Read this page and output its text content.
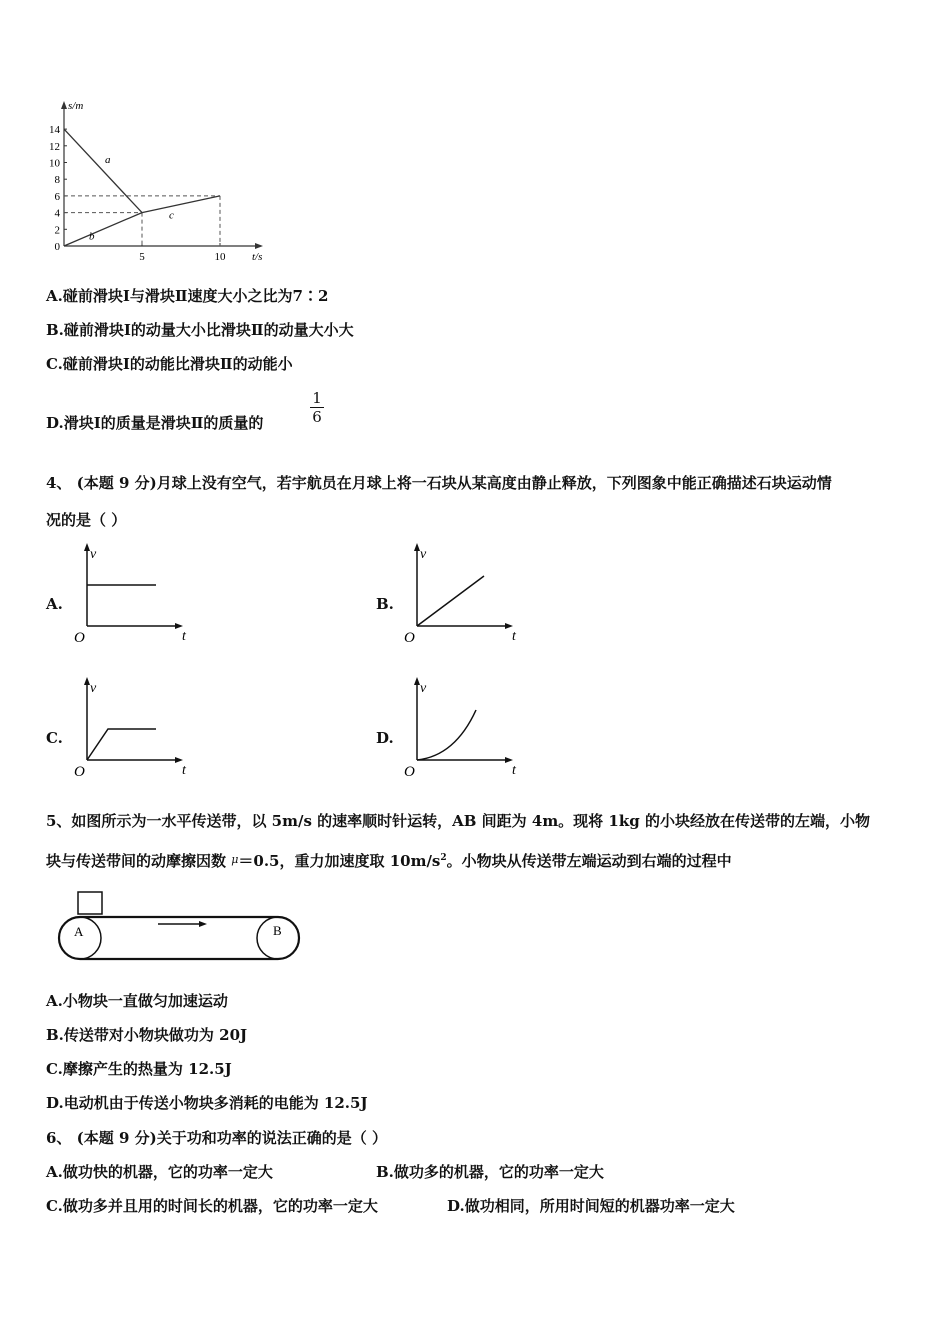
0
2
4
6
8
10
12
14
5	10
s/m
t/s
a
b
c
A.碰前滑块Ⅰ与滑块Ⅱ速度大小之比为7∶2
B.碰前滑块Ⅰ的动量大小比滑块Ⅱ的动量大小大
C.碰前滑块Ⅰ的动能比滑块Ⅱ的动能小
D.滑块Ⅰ的质量是滑块Ⅱ的质量的
1
6
4、 (本题 9 分)月球上没有空气，若宇航员在月球上将一石块从某高度由静止释放，下列图象中能正确描述石块运动情
况的是（ ）
A.
v
t
O
B.
v
t
O
C.
v
t
O
D.
v
t
O
5、如图所示为一水平传送带，以 5m/s 的速率顺时针运转，AB 间距为 4m。现将 1kg 的小块经放在传送带的左端，小物
块与传送带间的动摩擦因数 $^\mu$＝0.5，重力加速度取 $10m/s^2$。小物块从传送带左端运动到右端的过程中
A	B
A.小物块一直做匀加速运动
B.传送带对小物块做功为 20J
C.摩擦产生的热量为 12.5J
D.电动机由于传送小物块多消耗的电能为 12.5J
6、 (本题 9 分)关于功和功率的说法正确的是（ ）
A.做功快的机器，它的功率一定大	B.做功多的机器，它的功率一定大
C.做功多并且用的时间长的机器，它的功率一定大	D.做功相同，所用时间短的机器功率一定大
